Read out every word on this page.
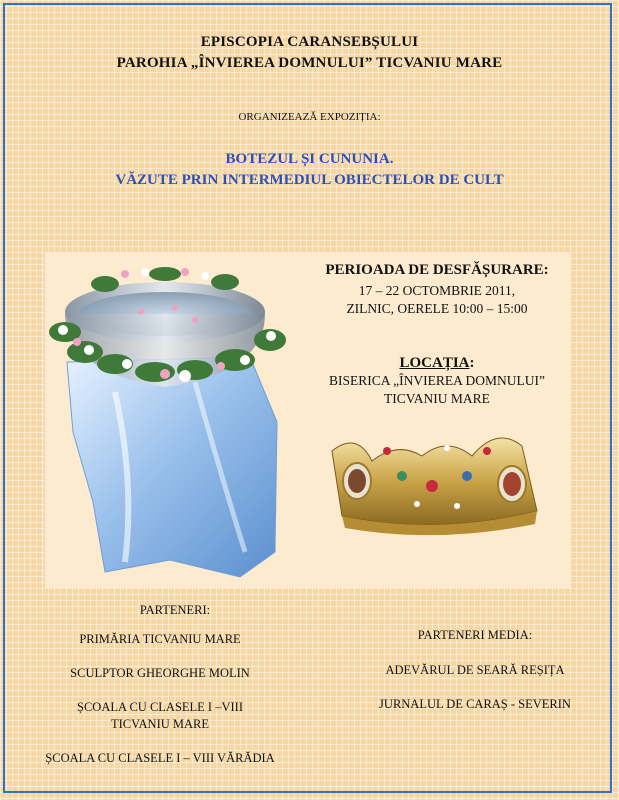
EPISCOPIA CARANSEBȘULUI
PAROHIA „ÎNVIEREA DOMNULUI” TICVANIU MARE
ORGANIZEAZĂ EXPOZIȚIA:
BOTEZUL ȘI CUNUNIA.
VĂZUTE PRIN INTERMEDIUL OBIECTELOR DE CULT
PERIOADA DE DESFĂȘURARE:
17 – 22 OCTOMBRIE 2011,
ZILNIC, OERELE 10:00 – 15:00
LOCAȚIA:
BISERICA „ÎNVIEREA DOMNULUI”
TICVANIU MARE
PARTENERI:
PRIMĂRIA TICVANIU MARE
SCULPTOR GHEORGHE MOLIN
ȘCOALA CU CLASELE I –VIII
TICVANIU MARE
ȘCOALA CU CLASELE I – VIII VĂRĂDIA
PARTENERI MEDIA:
ADEVĂRUL DE SEARĂ REȘIȚA
JURNALUL DE CARAȘ - SEVERIN
